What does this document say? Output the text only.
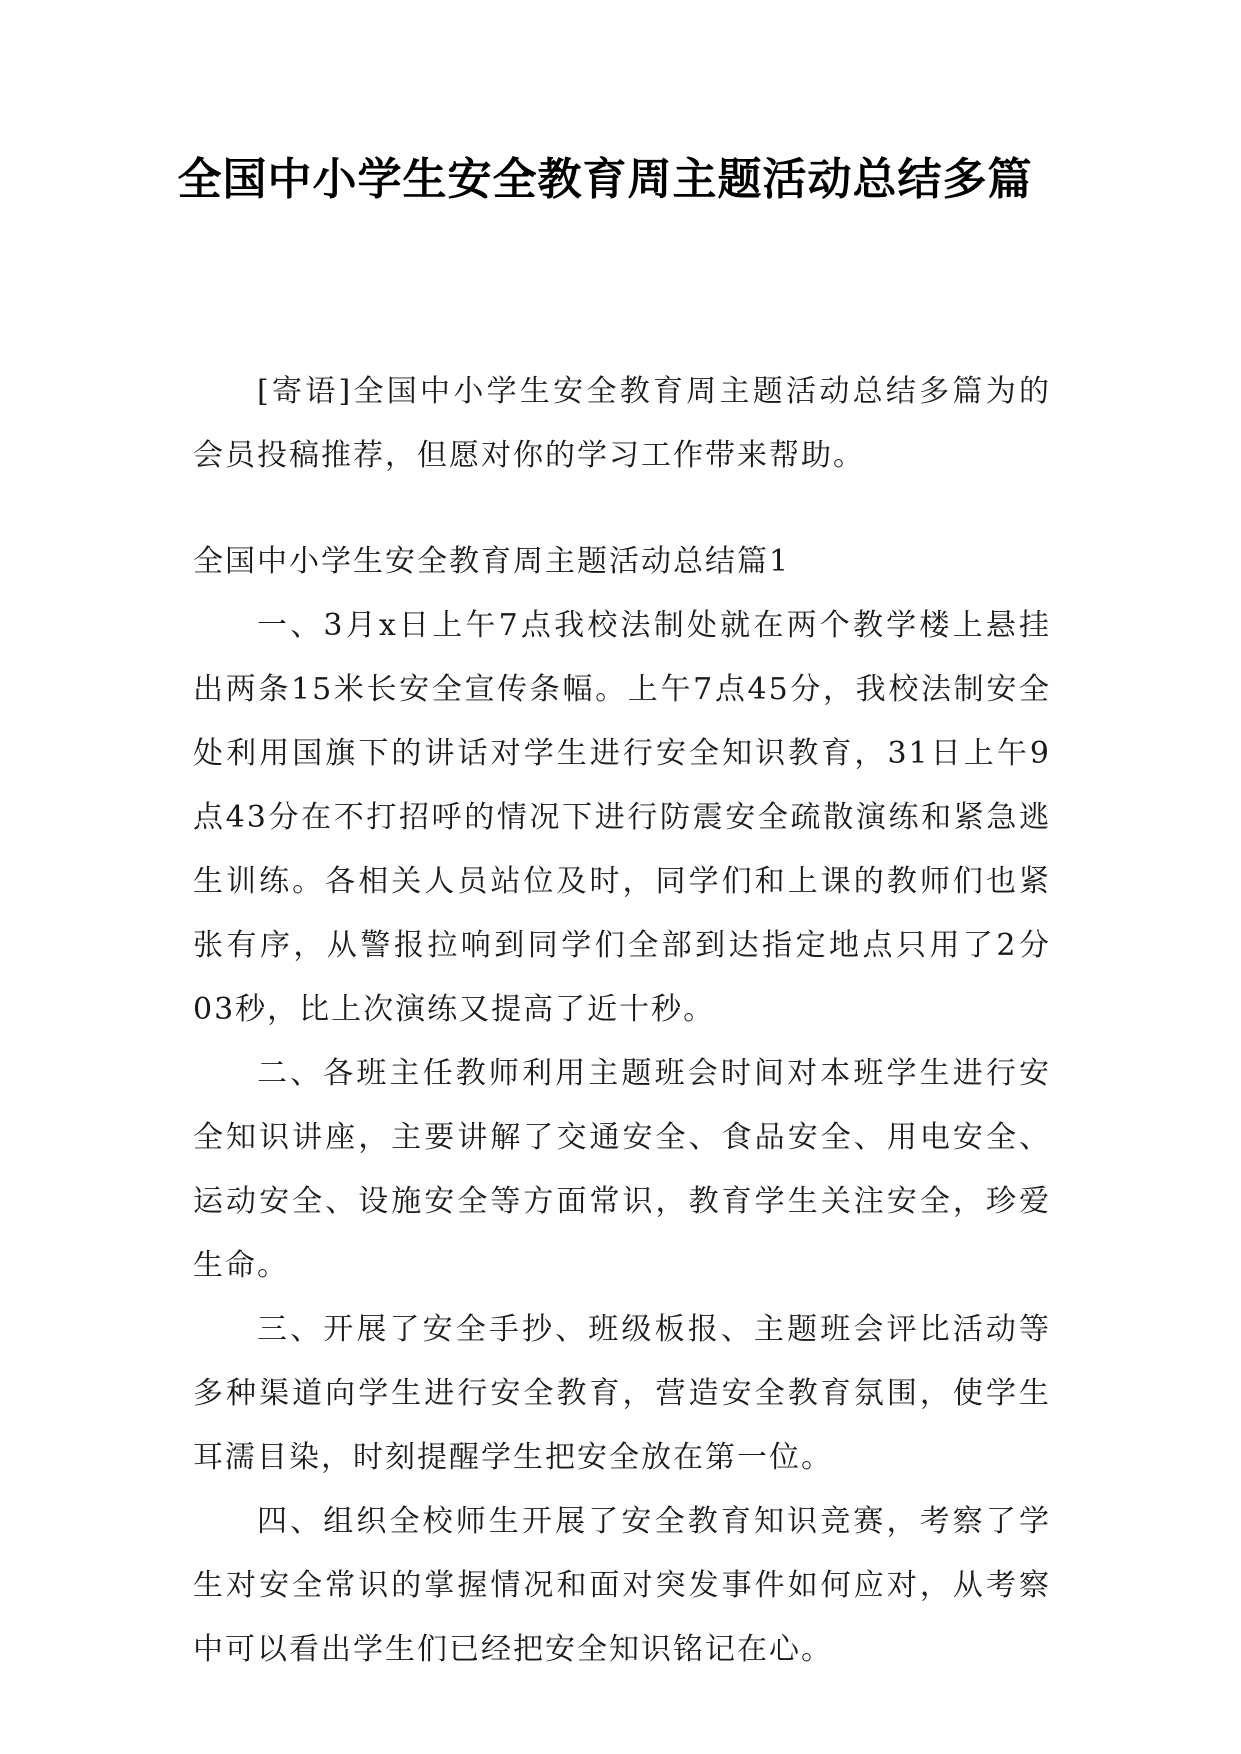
全国中小学生安全教育周主题活动总结多篇

[寄语]全国中小学生安全教育周主题活动总结多篇为的会员投稿推荐，但愿对你的学习工作带来帮助。

全国中小学生安全教育周主题活动总结篇1

一、3月x日上午7点我校法制处就在两个教学楼上悬挂出两条15米长安全宣传条幅。上午7点45分，我校法制安全处利用国旗下的讲话对学生进行安全知识教育，31日上午9点43分在不打招呼的情况下进行防震安全疏散演练和紧急逃生训练。各相关人员站位及时，同学们和上课的教师们也紧张有序，从警报拉响到同学们全部到达指定地点只用了2分03秒，比上次演练又提高了近十秒。

二、各班主任教师利用主题班会时间对本班学生进行安全知识讲座，主要讲解了交通安全、食品安全、用电安全、运动安全、设施安全等方面常识，教育学生关注安全，珍爱生命。

三、开展了安全手抄、班级板报、主题班会评比活动等多种渠道向学生进行安全教育，营造安全教育氛围，使学生耳濡目染，时刻提醒学生把安全放在第一位。

四、组织全校师生开展了安全教育知识竞赛，考察了学生对安全常识的掌握情况和面对突发事件如何应对，从考察中可以看出学生们已经把安全知识铭记在心。
